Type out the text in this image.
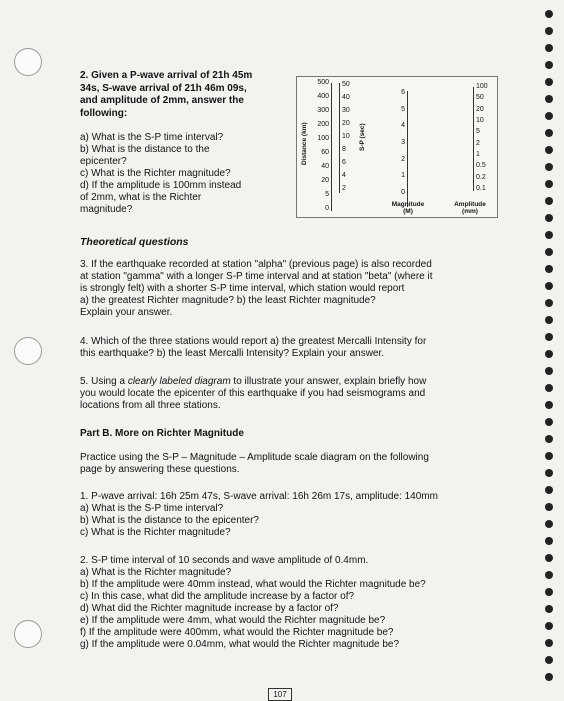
2. Given a P-wave arrival of 21h 45m
34s, S-wave arrival of 21h 46m 09s,
and amplitude of 2mm, answer the
following:
a) What is the S-P time interval?
b) What is the distance to the
epicenter?
c) What is the Richter magnitude?
d) If the amplitude is 100mm instead
of 2mm, what is the Richter
magnitude?
Distance (km)	S-P (sec)
Magnitude
(M)
Amplitude
(mm)
500
400
300
200
100
60
40
20
5
0
50
40
30
20
10
8
6
4
2
6
5
4
3
2
1
0
100
50
20
10
5
2
1
0.5
0.2
0.1
Theoretical questions
3. If the earthquake recorded at station "alpha" (previous page) is also recorded
at station "gamma" with a longer S-P time interval and at station "beta" (where it
is strongly felt) with a shorter S-P time interval, which station would report
a) the greatest Richter magnitude? b) the least Richter magnitude?
Explain your answer.
4. Which of the three stations would report a) the greatest Mercalli Intensity for
this earthquake? b) the least Mercalli Intensity? Explain your answer.
5. Using a clearly labeled diagram to illustrate your answer, explain briefly how
you would locate the epicenter of this earthquake if you had seismograms and
locations from all three stations.
Part B. More on Richter Magnitude
Practice using the S-P – Magnitude – Amplitude scale diagram on the following
page by answering these questions.
1. P-wave arrival: 16h 25m 47s, S-wave arrival: 16h 26m 17s, amplitude: 140mm
a) What is the S-P time interval?
b) What is the distance to the epicenter?
c) What is the Richter magnitude?
2. S-P time interval of 10 seconds and wave amplitude of 0.4mm.
a) What is the Richter magnitude?
b) If the amplitude were 40mm instead, what would the Richter magnitude be?
c) In this case, what did the amplitude increase by a factor of?
d) What did the Richter magnitude increase by a factor of?
e) If the amplitude were 4mm, what would the Richter magnitude be?
f) If the amplitude were 400mm, what would the Richter magnitude be?
g) If the amplitude were 0.04mm, what would the Richter magnitude be?
107
